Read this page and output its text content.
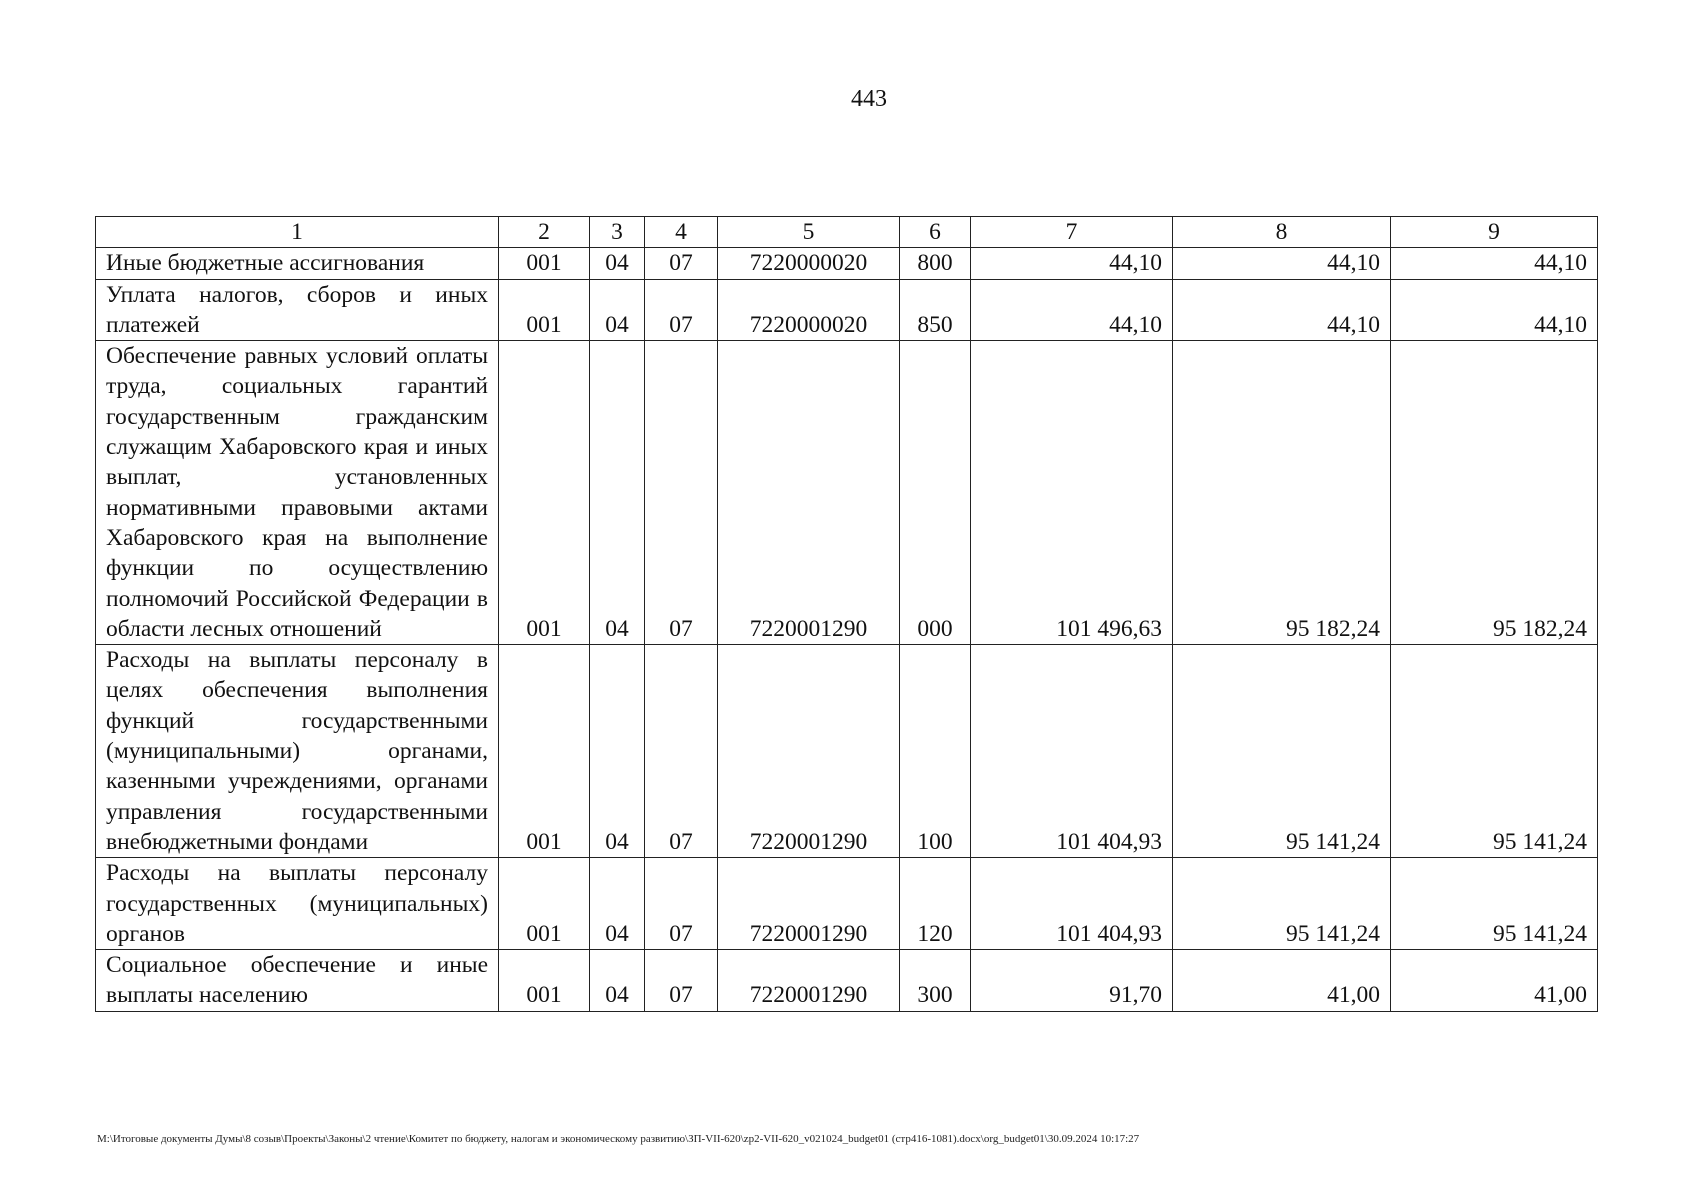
443
1	2	3	4	5	6	7	8	9
Иные бюджетные ассигнования	001	04	07	7220000020	800	44,10	44,10	44,10
Уплата налогов, сборов и иных платежей	001	04	07	7220000020	850	44,10	44,10	44,10
Обеспечение равных условий оплаты труда, социальных гарантий государственным гражданским служащим Хабаровского края и иных выплат, установленных нормативными правовыми актами Хабаровского края на выполнение функции по осуществлению полномочий Российской Федерации в области лесных отношений	001	04	07	7220001290	000	101 496,63	95 182,24	95 182,24
Расходы на выплаты персоналу в целях обеспечения выполнения функций государственными (муниципальными) органами, казенными учреждениями, органами управления государственными внебюджетными фондами	001	04	07	7220001290	100	101 404,93	95 141,24	95 141,24
Расходы на выплаты персоналу государственных (муниципальных) органов	001	04	07	7220001290	120	101 404,93	95 141,24	95 141,24
Социальное обеспечение и иные выплаты населению	001	04	07	7220001290	300	91,70	41,00	41,00
M:\Итоговые документы Думы\8 созыв\Проекты\Законы\2 чтение\Комитет по бюджету, налогам и экономическому развитию\ЗП-VII-620\zp2-VII-620_v021024_budget01 (стр416-1081).docx\org_budget01\30.09.2024 10:17:27
